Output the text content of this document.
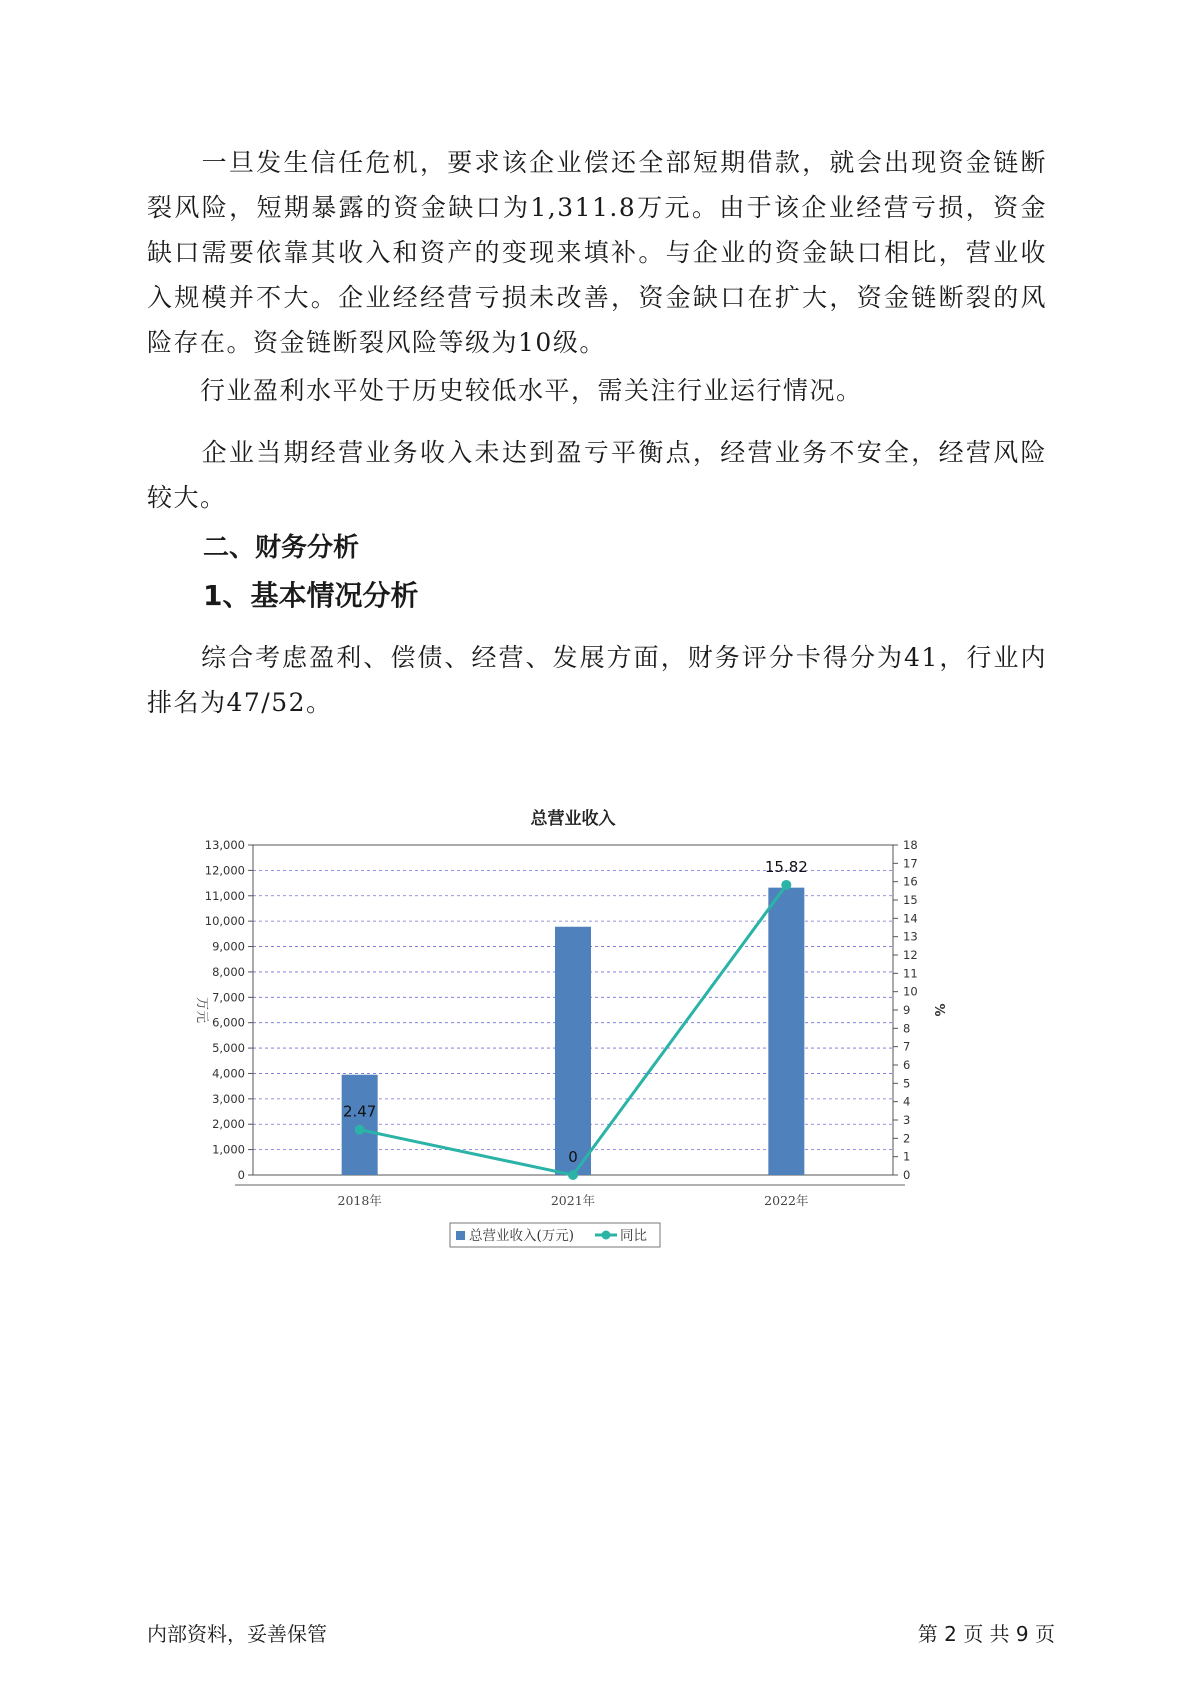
　　一旦发生信任危机，要求该企业偿还全部短期借款，就会出现资金链断裂风险，短期暴露的资金缺口为1,311.8万元。由于该企业经营亏损，资金缺口需要依靠其收入和资产的变现来填补。与企业的资金缺口相比，营业收入规模并不大。企业经经营亏损未改善，资金缺口在扩大，资金链断裂的风险存在。资金链断裂风险等级为10级。

　　行业盈利水平处于历史较低水平，需关注行业运行情况。

　　企业当期经营业务收入未达到盈亏平衡点，经营业务不安全，经营风险较大。

二、财务分析
1、基本情况分析

　　综合考虑盈利、偿债、经营、发展方面，财务评分卡得分为41，行业内排名为47/52。

总营业收入
0
1,000
2,000
3,000
4,000
5,000
6,000
7,000
8,000
9,000
10,000
11,000
12,000
13,000
0
1
2
3
4
5
6
7
8
9
10
11
12
13
14
15
16
17
18
万元	%
2018年	2021年	2022年
2.47
0
15.82
总营业收入(万元)	同比
内部资料，妥善保管	第 2 页 共 9 页
